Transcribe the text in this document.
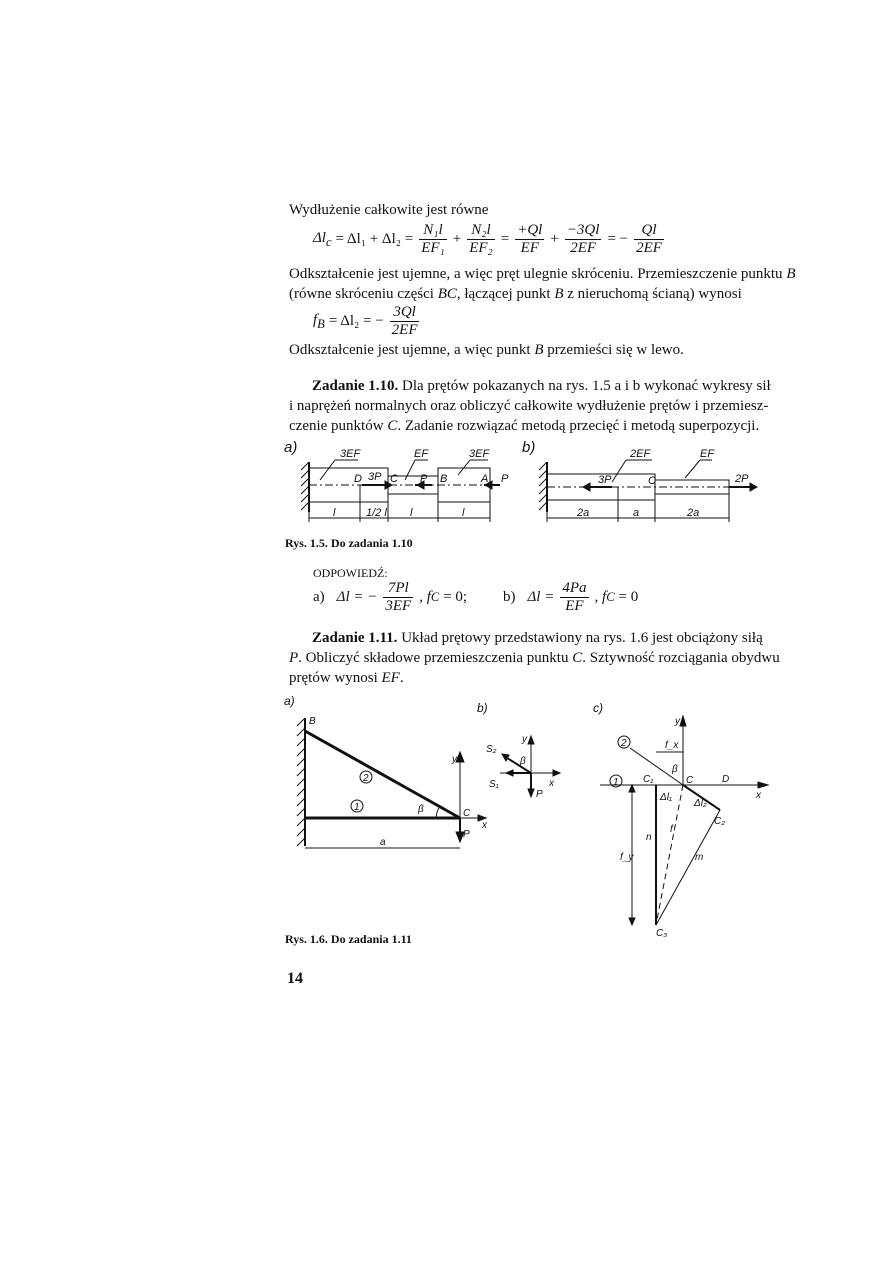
Wydłużenie całkowite jest równe
$\Delta l_c = \Delta l_1 + \Delta l_2 = \frac{\text{N₁l}}{\text{EF₁}} + \frac{\text{N₂l}}{\text{EF₂}} = \frac{+Ql}{EF} + \frac{-3Ql}{2EF}$ = − $\frac{Ql}{2EF}$
Odkształcenie jest ujemne, a więc pręt ulegnie skróceniu. Przemieszczenie punktu B
(równe skróceniu części BC, łączącej punkt B z nieruchomą ścianą) wynosi
$f_B = \Delta l_2$ = − $\frac{3Ql}{2EF}$
Odkształcenie jest ujemne, a więc punkt B przemieści się w lewo.
Zadanie 1.10. Dla prętów pokazanych na rys. 1.5 a i b wykonać wykresy sił
i naprężeń normalnych oraz obliczyć całkowite wydłużenie prętów i przemiesz-
czenie punktów C. Zadanie rozwiązać metodą przecięć i metodą superpozycji.
a)	3EF	EF	3EF
D 3P C P B	A P
l	1/2 l l	l
b)	2EF	EF
3P	C	2P
2a	a	2a
Rys. 1.5. Do zadania 1.10
ODPOWIEDŹ:
a) Δl = − $\frac{7Pl}{3EF}$ , f C = 0; b) $\Delta l = \frac{4Pa}{EF}$ , f C = 0
Zadanie 1.11. Układ prętowy przedstawiony na rys. 1.6 jest obciążony siłą
P. Obliczyć składowe przemieszczenia punktu C. Sztywność rozciągania obydwu
prętów wynosi EF.
a)	b)	c)
B
2
1	β	C
P
y
x
a
S₂
S₁
β
y
x
P
y
2	f_x
β
1 C₁	C	D
x
Δl₁
Δl₂
C₂
f
n
m
f_y
C₃
Rys. 1.6. Do zadania 1.11
14
